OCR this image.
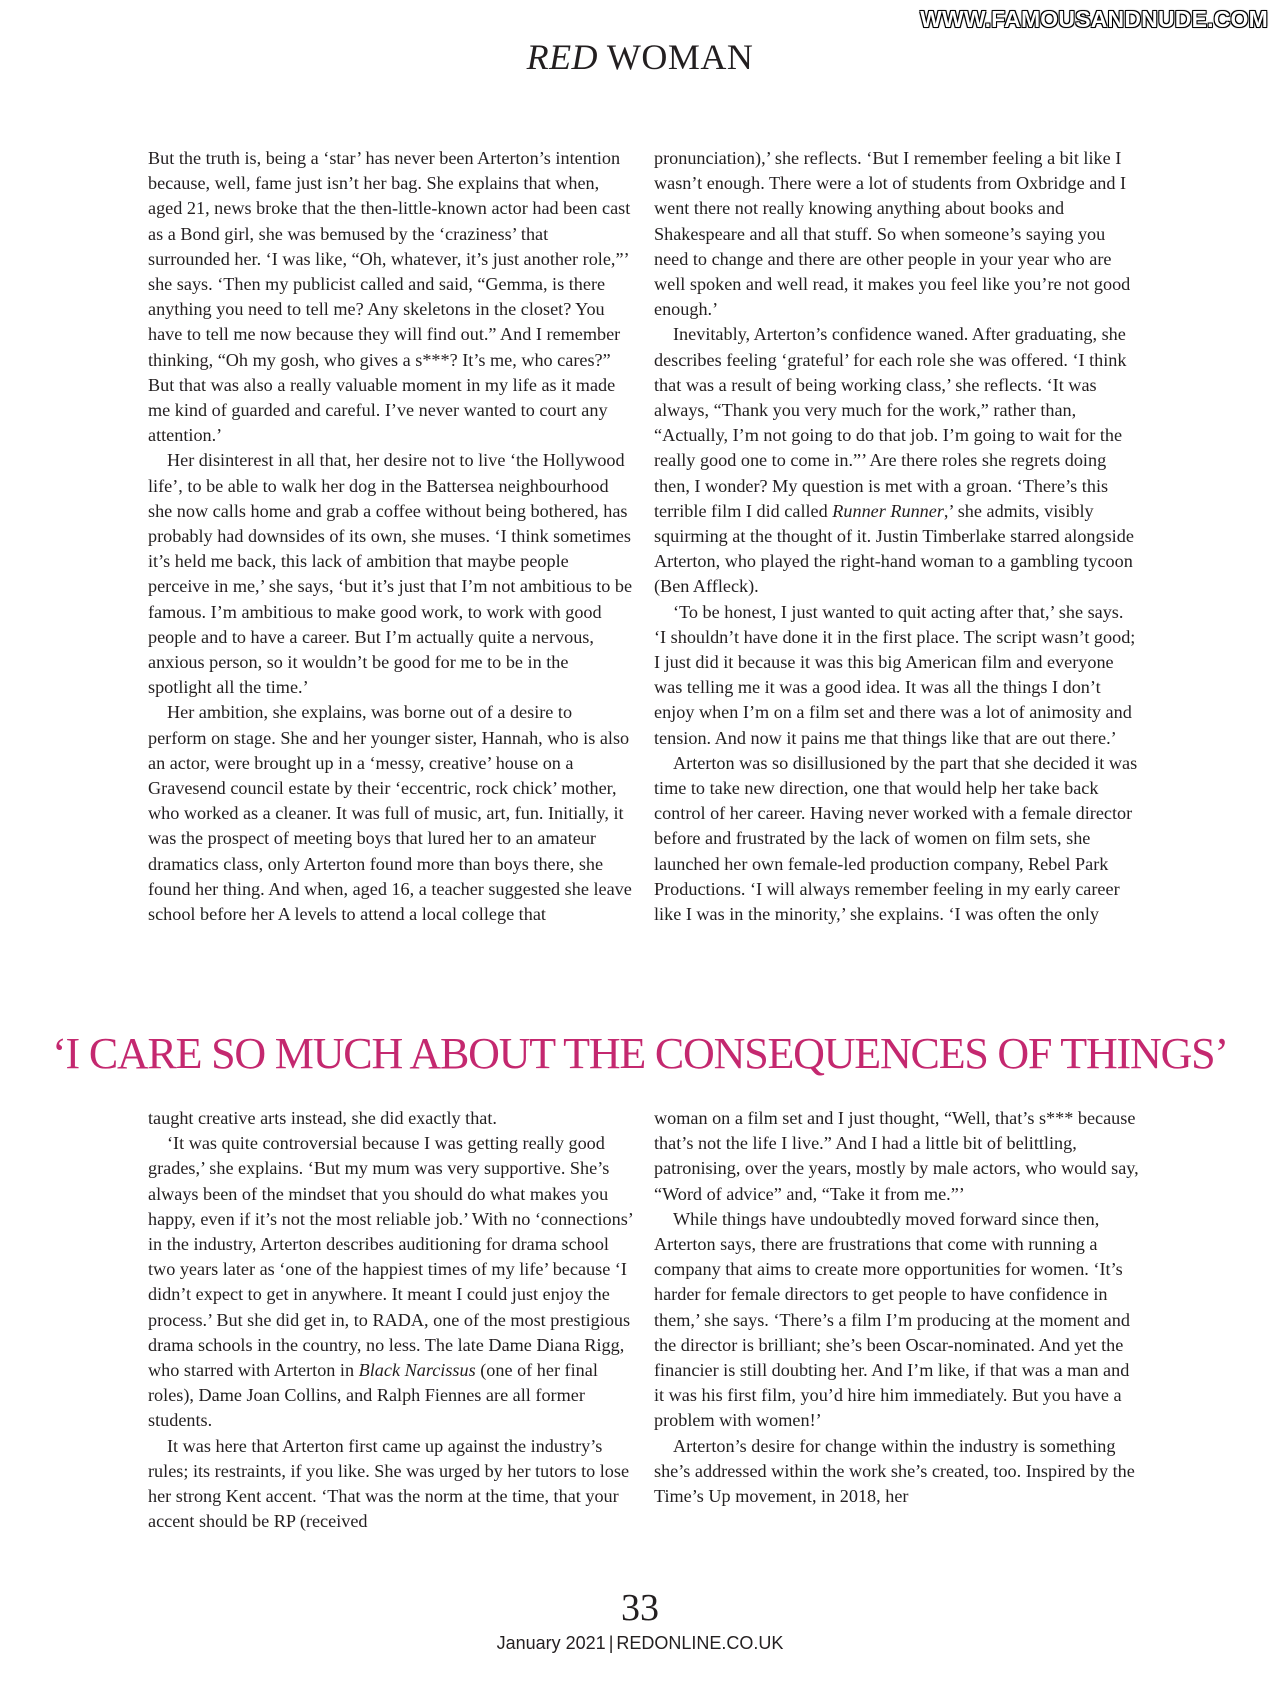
WWW.FAMOUSANDNUDE.COM
RED WOMAN

But the truth is, being a ‘star’ has never been Arterton’s intention because, well, fame just isn’t her bag. She explains that when, aged 21, news broke that the then-little-known actor had been cast as a Bond girl, she was bemused by the ‘craziness’ that surrounded her. ‘I was like, “Oh, whatever, it’s just another role,”’ she says. ‘Then my publicist called and said, “Gemma, is there anything you need to tell me? Any skeletons in the closet? You have to tell me now because they will find out.” And I remember thinking, “Oh my gosh, who gives a s***? It’s me, who cares?” But that was also a really valuable moment in my life as it made me kind of guarded and careful. I’ve never wanted to court any attention.’

Her disinterest in all that, her desire not to live ‘the Hollywood life’, to be able to walk her dog in the Battersea neighbourhood she now calls home and grab a coffee without being bothered, has probably had downsides of its own, she muses. ‘I think sometimes it’s held me back, this lack of ambition that maybe people perceive in me,’ she says, ‘but it’s just that I’m not ambitious to be famous. I’m ambitious to make good work, to work with good people and to have a career. But I’m actually quite a nervous, anxious person, so it wouldn’t be good for me to be in the spotlight all the time.’

Her ambition, she explains, was borne out of a desire to perform on stage. She and her younger sister, Hannah, who is also an actor, were brought up in a ‘messy, creative’ house on a Gravesend council estate by their ‘eccentric, rock chick’ mother, who worked as a cleaner. It was full of music, art, fun. Initially, it was the prospect of meeting boys that lured her to an amateur dramatics class, only Arterton found more than boys there, she found her thing. And when, aged 16, a teacher suggested she leave school before her A levels to attend a local college that

pronunciation),’ she reflects. ‘But I remember feeling a bit like I wasn’t enough. There were a lot of students from Oxbridge and I went there not really knowing anything about books and Shakespeare and all that stuff. So when someone’s saying you need to change and there are other people in your year who are well spoken and well read, it makes you feel like you’re not good enough.’

Inevitably, Arterton’s confidence waned. After graduating, she describes feeling ‘grateful’ for each role she was offered. ‘I think that was a result of being working class,’ she reflects. ‘It was always, “Thank you very much for the work,” rather than, “Actually, I’m not going to do that job. I’m going to wait for the really good one to come in.”’ Are there roles she regrets doing then, I wonder? My question is met with a groan. ‘There’s this terrible film I did called Runner Runner,’ she admits, visibly squirming at the thought of it. Justin Timberlake starred alongside Arterton, who played the right-hand woman to a gambling tycoon (Ben Affleck).

‘To be honest, I just wanted to quit acting after that,’ she says. ‘I shouldn’t have done it in the first place. The script wasn’t good; I just did it because it was this big American film and everyone was telling me it was a good idea. It was all the things I don’t enjoy when I’m on a film set and there was a lot of animosity and tension. And now it pains me that things like that are out there.’

Arterton was so disillusioned by the part that she decided it was time to take new direction, one that would help her take back control of her career. Having never worked with a female director before and frustrated by the lack of women on film sets, she launched her own female-led production company, Rebel Park Productions. ‘I will always remember feeling in my early career like I was in the minority,’ she explains. ‘I was often the only

‘I CARE SO MUCH ABOUT THE CONSEQUENCES OF THINGS’

taught creative arts instead, she did exactly that.

‘It was quite controversial because I was getting really good grades,’ she explains. ‘But my mum was very supportive. She’s always been of the mindset that you should do what makes you happy, even if it’s not the most reliable job.’ With no ‘connections’ in the industry, Arterton describes auditioning for drama school two years later as ‘one of the happiest times of my life’ because ‘I didn’t expect to get in anywhere. It meant I could just enjoy the process.’ But she did get in, to RADA, one of the most prestigious drama schools in the country, no less. The late Dame Diana Rigg, who starred with Arterton in Black Narcissus (one of her final roles), Dame Joan Collins, and Ralph Fiennes are all former students.

It was here that Arterton first came up against the industry’s rules; its restraints, if you like. She was urged by her tutors to lose her strong Kent accent. ‘That was the norm at the time, that your accent should be RP (received

woman on a film set and I just thought, “Well, that’s s*** because that’s not the life I live.” And I had a little bit of belittling, patronising, over the years, mostly by male actors, who would say, “Word of advice” and, “Take it from me.”’

While things have undoubtedly moved forward since then, Arterton says, there are frustrations that come with running a company that aims to create more opportunities for women. ‘It’s harder for female directors to get people to have confidence in them,’ she says. ‘There’s a film I’m producing at the moment and the director is brilliant; she’s been Oscar-nominated. And yet the financier is still doubting her. And I’m like, if that was a man and it was his first film, you’d hire him immediately. But you have a problem with women!’

Arterton’s desire for change within the industry is something she’s addressed within the work she’s created, too. Inspired by the Time’s Up movement, in 2018, her

33
January 2021 | REDONLINE.CO.UK
